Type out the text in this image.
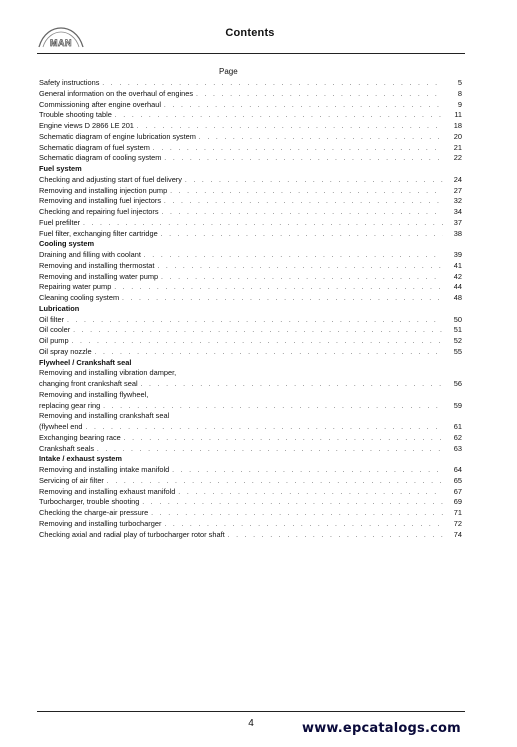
MAN
Contents
Page
Safety instructions . . .	5
General information on the overhaul of engines . . .	8
Commissioning after engine overhaul . . .	9
Trouble shooting table . . .	11
Engine views D 2866 LE 201 . . .	18
Schematic diagram of engine lubrication system . . .	20
Schematic diagram of fuel system . . .	21
Schematic diagram of cooling system . . .	22
Fuel system
Checking and adjusting start of fuel delivery . . .	24
Removing and installing injection pump . . .	27
Removing and installing fuel injectors . . .	32
Checking and repairing fuel injectors . . .	34
Fuel prefilter . . .	37
Fuel filter, exchanging filter cartridge . . .	38
Cooling system
Draining and filling with coolant . . .	39
Removing and installing thermostat . . .	41
Removing and installing water pump . . .	42
Repairing water pump . . .	44
Cleaning cooling system . . .	48
Lubrication
Oil filter . . .	50
Oil cooler . . .	51
Oil pump . . .	52
Oil spray nozzle . . .	55
Flywheel / Crankshaft seal
Removing and installing vibration damper,
changing front crankshaft seal . . .	56
Removing and installing flywheel,
replacing gear ring . . .	59
Removing and installing crankshaft seal
(flywheel end . . .	61
Exchanging bearing race . . .	62
Crankshaft seals . . .	63
Intake / exhaust system
Removing and installing intake manifold . . .	64
Servicing of air filter . . .	65
Removing and installing exhaust manifold . . .	67
Turbocharger, trouble shooting . . .	69
Checking the charge-air pressure . . .	71
Removing and installing turbocharger . . .	72
Checking axial and radial play of turbocharger rotor shaft . . .	74
4	www.epcatalogs.com
